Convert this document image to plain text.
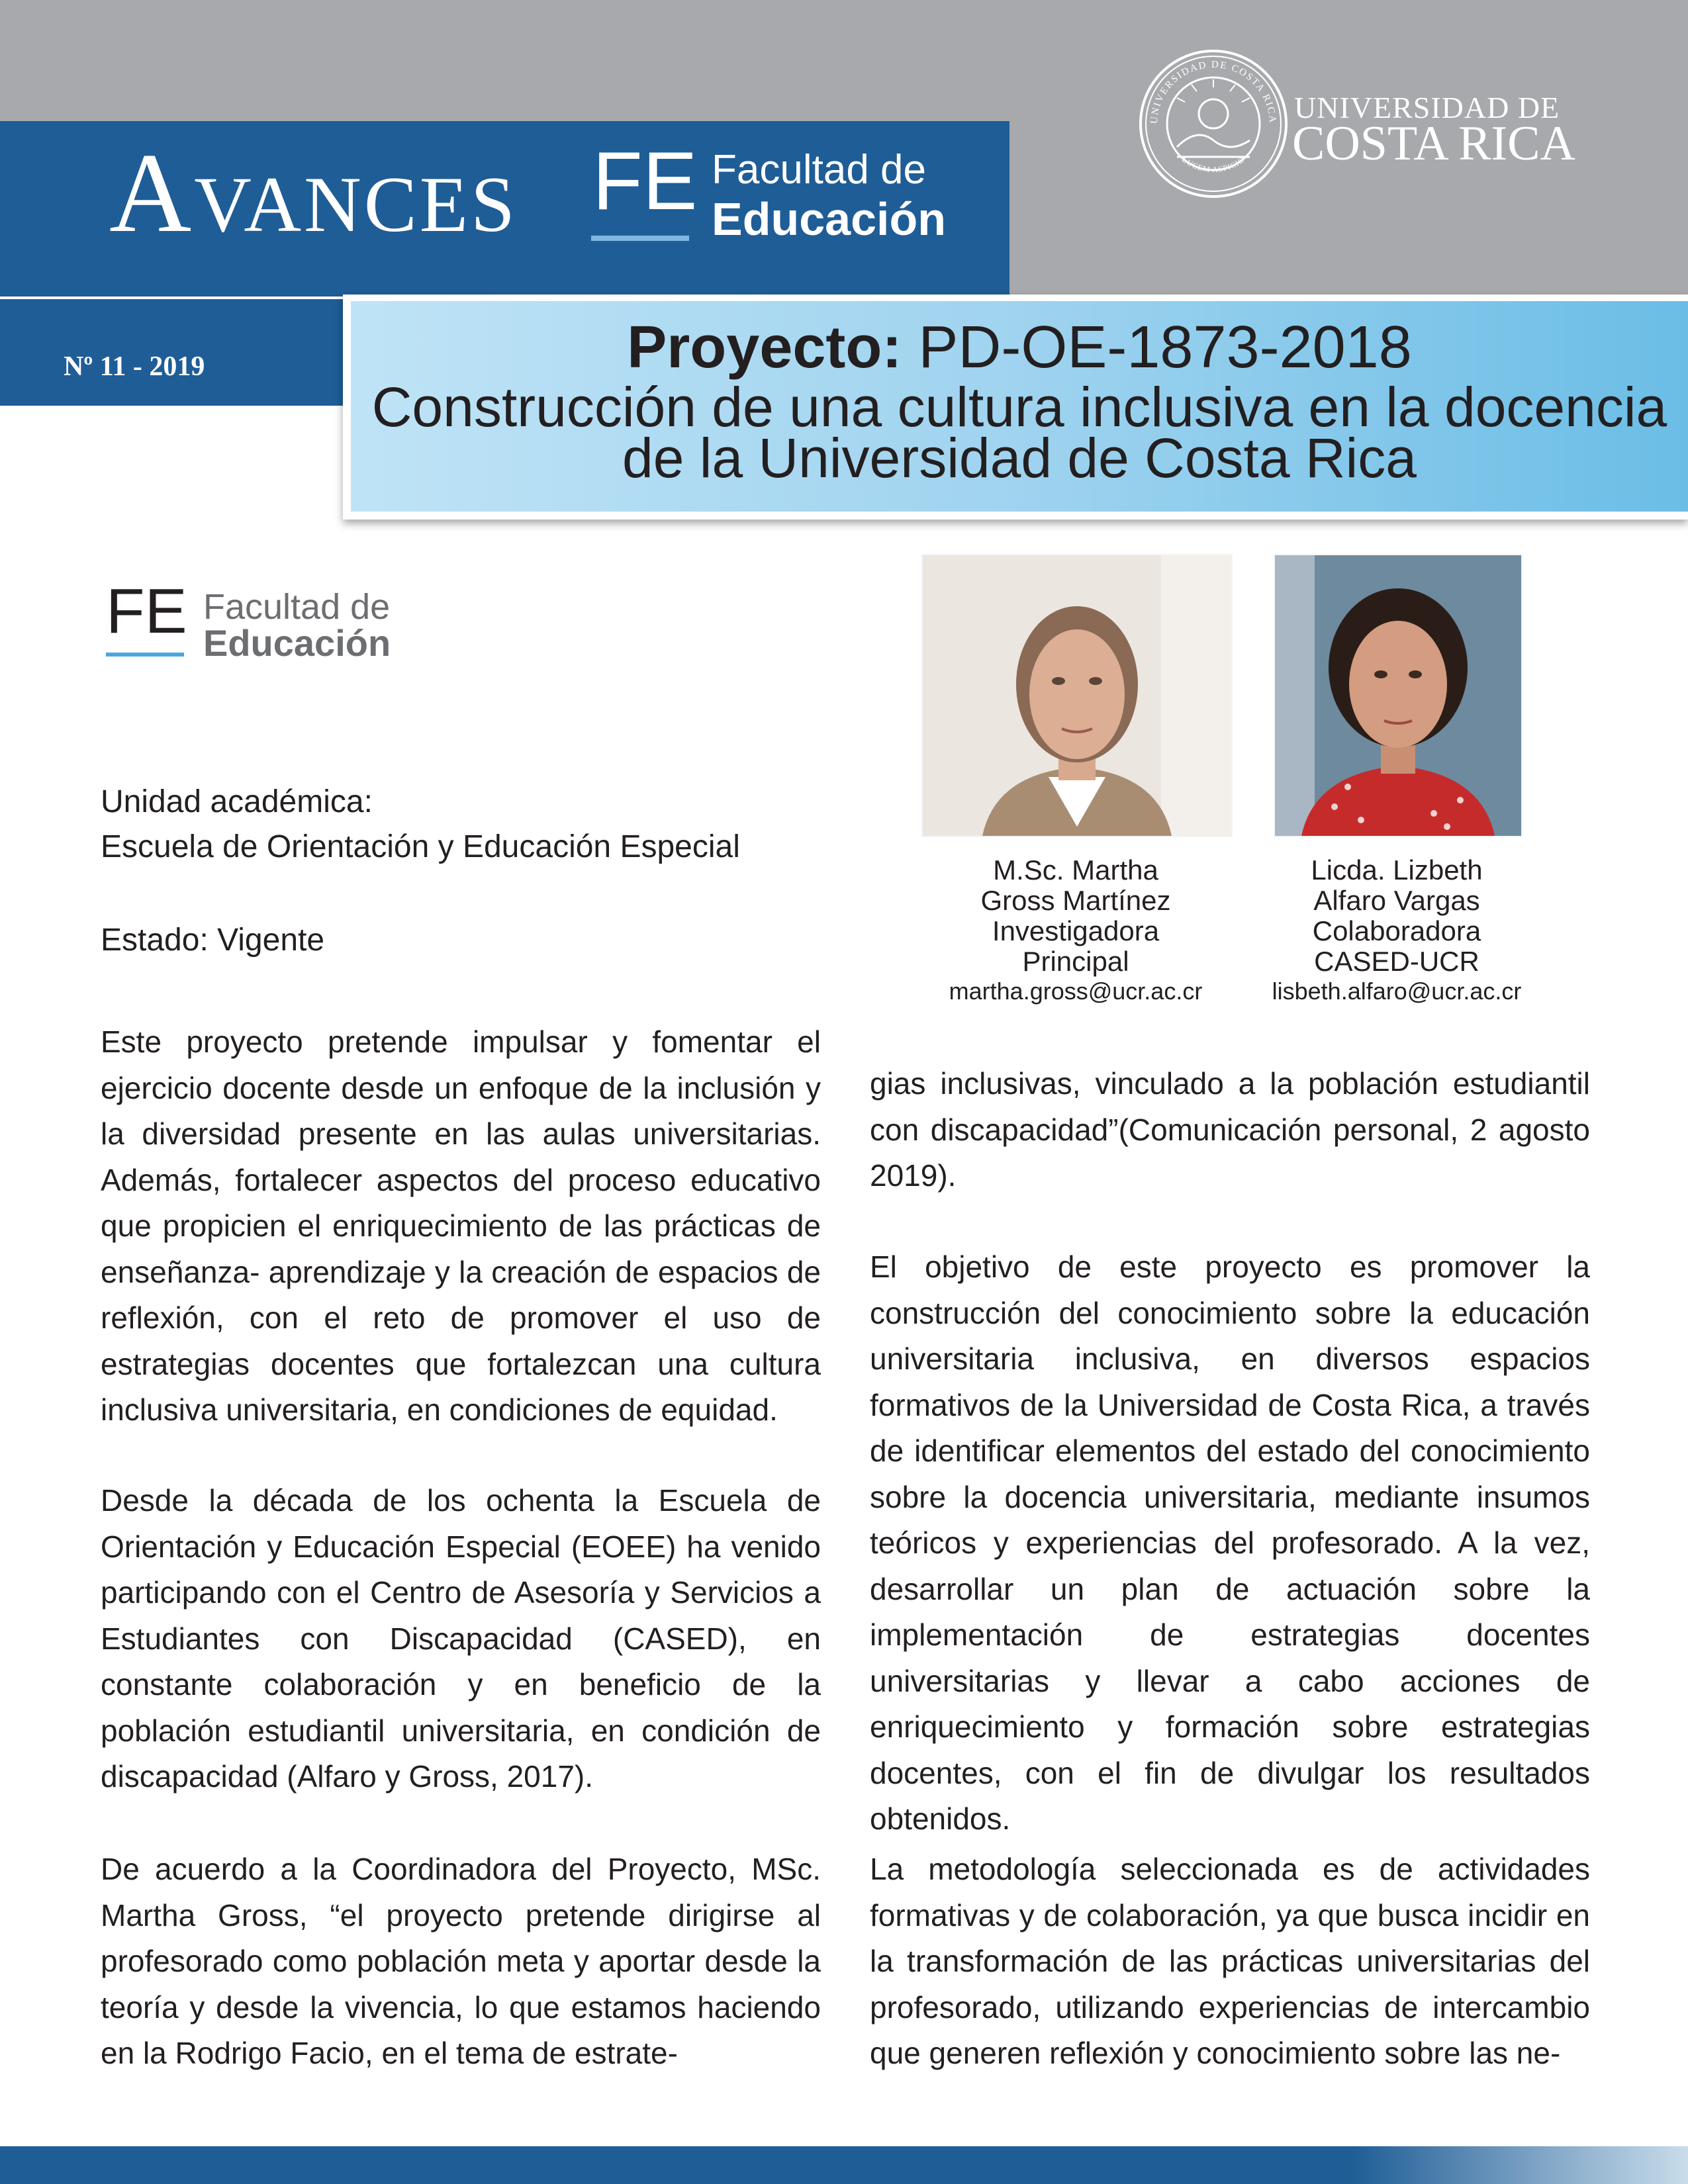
Avances FE Facultad de
Educación
UNIVERSIDAD DE COSTA RICA
LUCEM ASPICIO
UNIVERSIDAD DE
COSTA RICA
Nº 11 - 2019	Proyecto: PD-OE-1873-2018
Construcción de una cultura inclusiva en la docencia
de la Universidad de Costa Rica
FE Facultad de
Educación
Unidad académica:
Escuela de Orientación y Educación Especial
Estado: Vigente

Este proyecto pretende impulsar y fomentar el ejercicio docente desde un enfoque de la inclusión y la diversidad presente en las aulas universitarias. Además, fortalecer aspectos del proceso educativo que propicien el enriquecimiento de las prácticas de enseñanza- aprendizaje y la creación de espacios de reflexión, con el reto de promover el uso de estrategias docentes que fortalezcan una cultura inclusiva universitaria, en condiciones de equidad.

Desde la década de los ochenta la Escuela de Orientación y Educación Especial (EOEE) ha venido participando con el Centro de Asesoría y Servicios a Estudiantes con Discapacidad (CASED), en constante colaboración y en beneficio de la población estudiantil universitaria, en condición de discapacidad (Alfaro y Gross, 2017).

De acuerdo a la Coordinadora del Proyecto, MSc. Martha Gross, “el proyecto pretende dirigirse al profesorado como población meta y aportar desde la teoría y desde la vivencia, lo que estamos haciendo en la Rodrigo Facio, en el tema de estrate-

M.Sc. Martha
Gross Martínez
Investigadora
Principal
martha.gross@ucr.ac.cr
Licda. Lizbeth
Alfaro Vargas
Colaboradora
CASED-UCR
lisbeth.alfaro@ucr.ac.cr

gias inclusivas, vinculado a la población estudiantil con discapacidad”(Comunicación personal, 2 agosto 2019).

El objetivo de este proyecto es promover la construcción del conocimiento sobre la educación universitaria inclusiva, en diversos espacios formativos de la Universidad de Costa Rica, a través de identificar elementos del estado del conocimiento sobre la docencia universitaria, mediante insumos teóricos y experiencias del profesorado. A la vez, desarrollar un plan de actuación sobre la implementación de estrategias docentes universitarias y llevar a cabo acciones de enriquecimiento y formación sobre estrategias docentes, con el fin de divulgar los resultados obtenidos.

La metodología seleccionada es de actividades formativas y de colaboración, ya que busca incidir en la transformación de las prácticas universitarias del profesorado, utilizando experiencias de intercambio que generen reflexión y conocimiento sobre las ne-
